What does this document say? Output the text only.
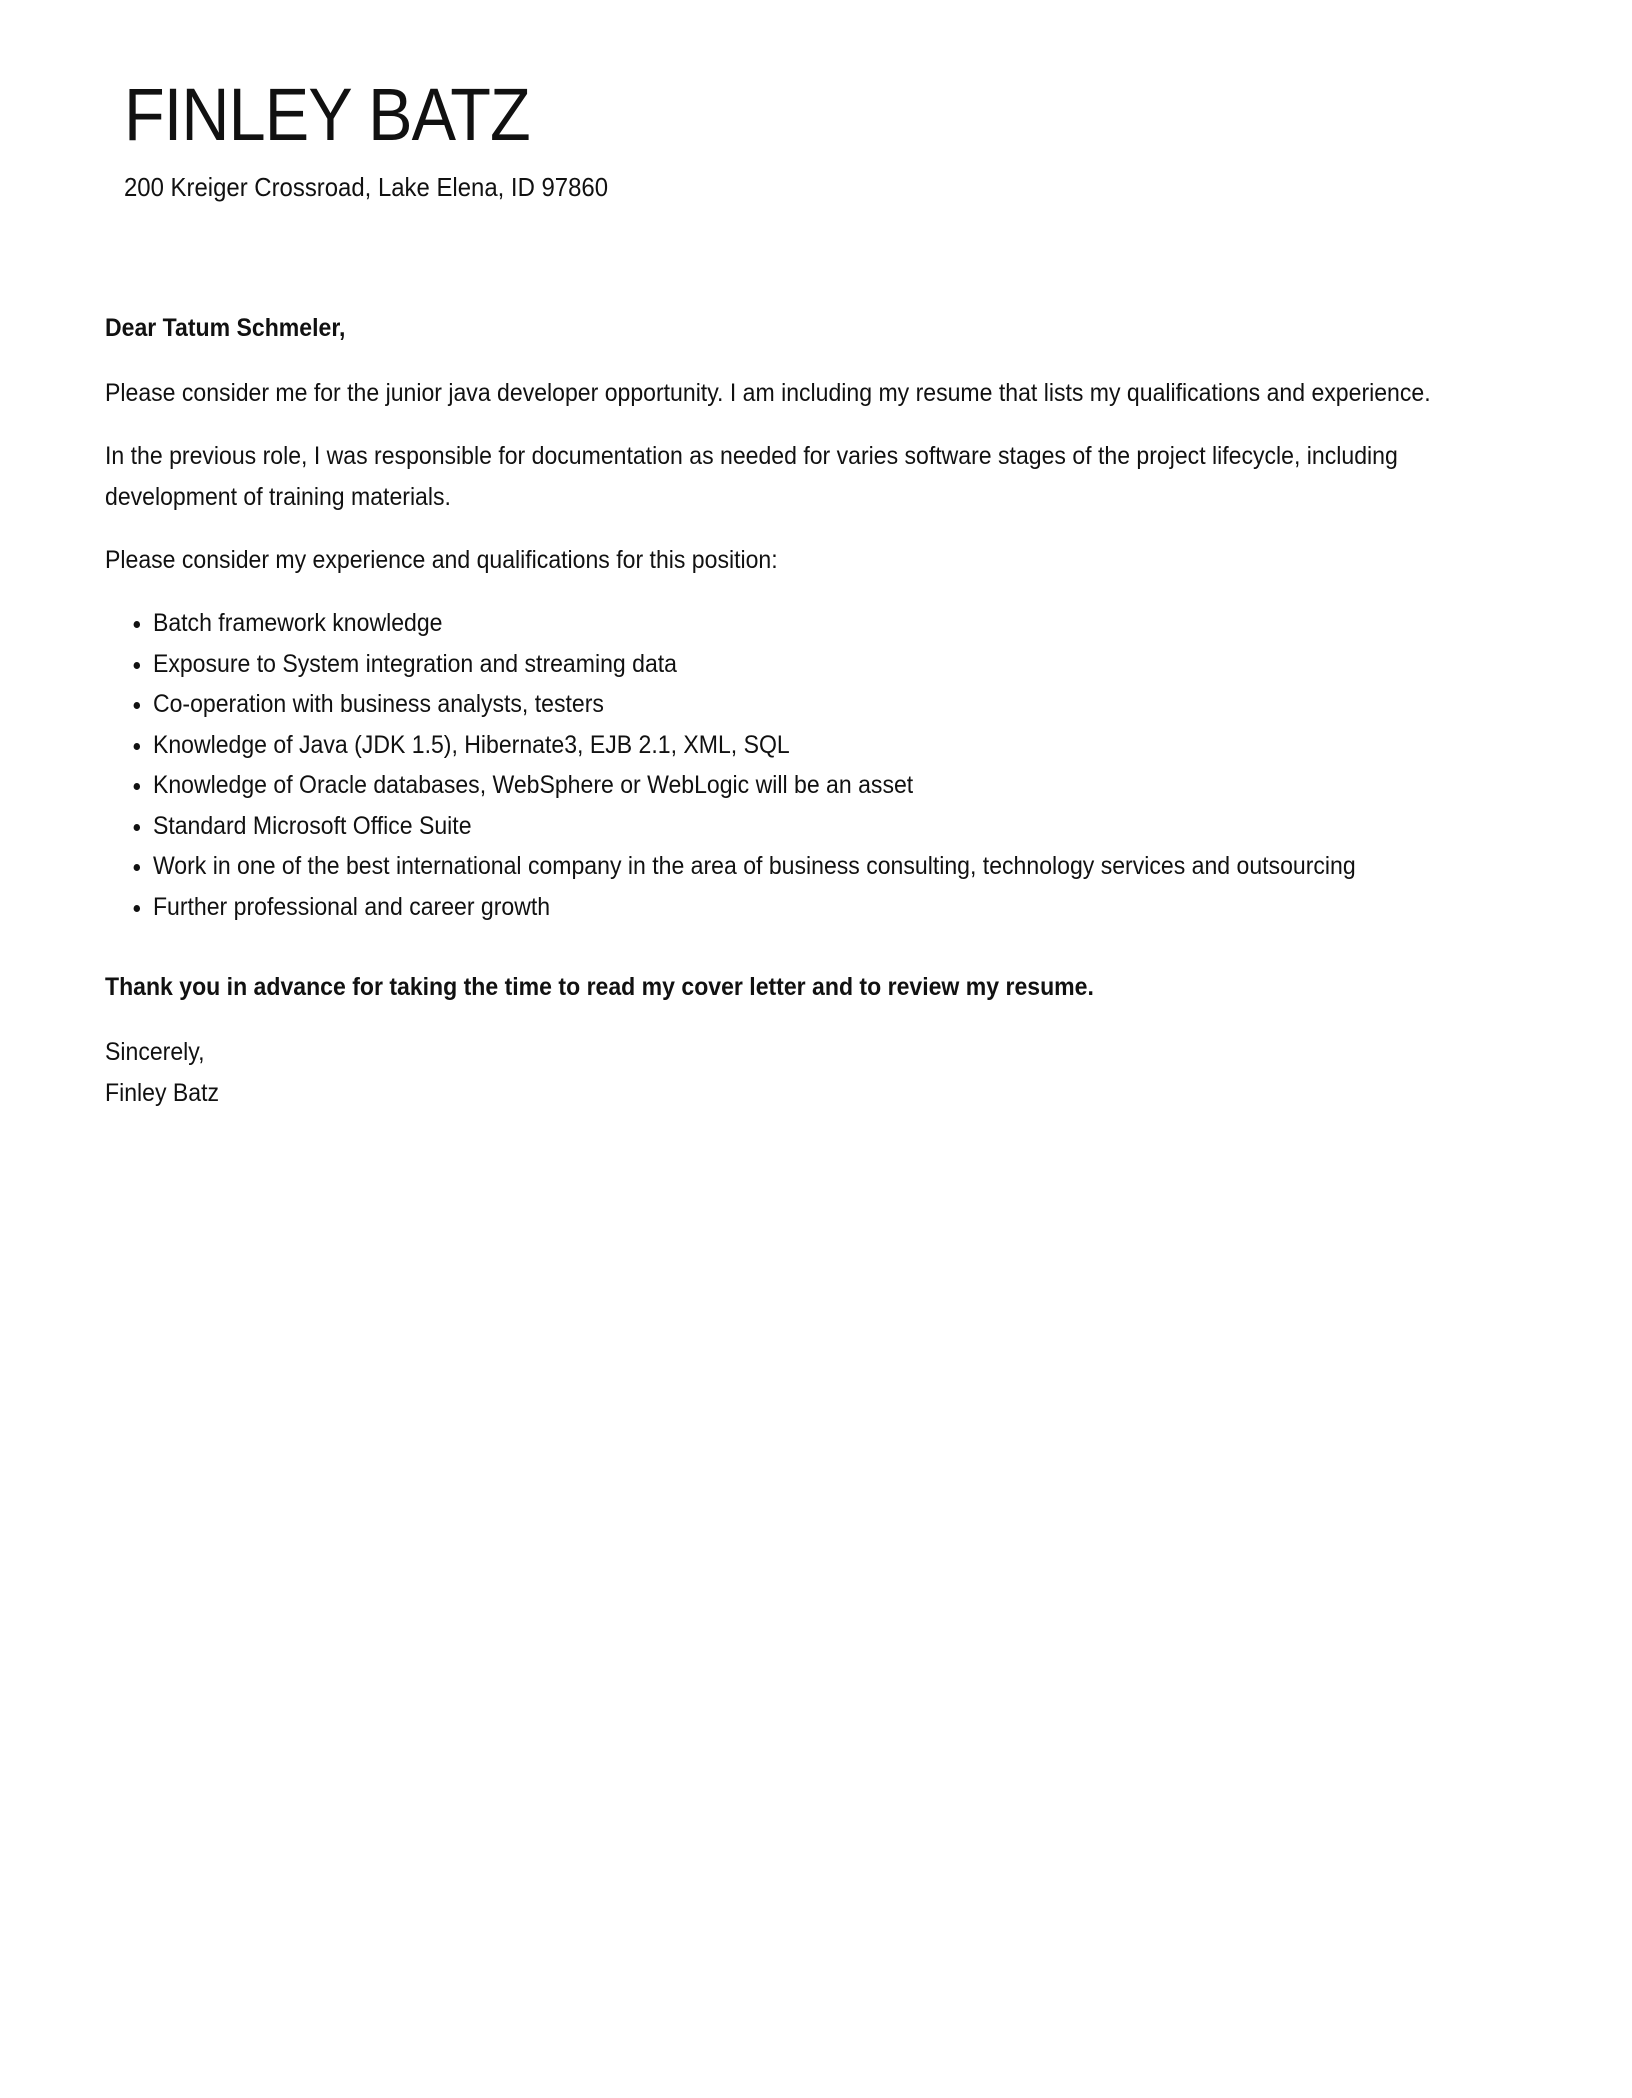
FINLEY BATZ
200 Kreiger Crossroad, Lake Elena, ID 97860

Dear Tatum Schmeler,

Please consider me for the junior java developer opportunity. I am including my resume that lists my qualifications and experience.

In the previous role, I was responsible for documentation as needed for varies software stages of the project lifecycle, including development of training materials.

Please consider my experience and qualifications for this position:

• Batch framework knowledge
• Exposure to System integration and streaming data
• Co-operation with business analysts, testers
• Knowledge of Java (JDK 1.5), Hibernate3, EJB 2.1, XML, SQL
• Knowledge of Oracle databases, WebSphere or WebLogic will be an asset
• Standard Microsoft Office Suite
• Work in one of the best international company in the area of business consulting, technology services and outsourcing
• Further professional and career growth

Thank you in advance for taking the time to read my cover letter and to review my resume.

Sincerely,
Finley Batz
